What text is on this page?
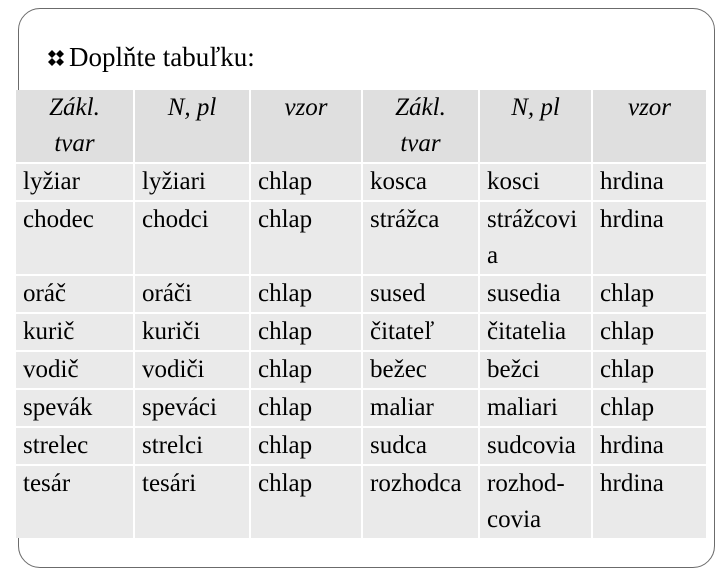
Doplňte tabuľku:
Zákl.
tvar	N, pl	vzor	Zákl.
tvar	N, pl	vzor

lyžiar	lyžiari	chlap	kosca	kosci	hrdina
chodec	chodci	chlap	strážca	strážcovia	hrdina
oráč	oráči	chlap	sused	susedia	chlap
kurič	kuriči	chlap	čitateľ	čitatelia	chlap
vodič	vodiči	chlap	bežec	bežci	chlap
spevák	speváci	chlap	maliar	maliari	chlap
strelec	strelci	chlap	sudca	sudcovia	hrdina
tesár	tesári	chlap	rozhodca	rozhod-covia	hrdina
